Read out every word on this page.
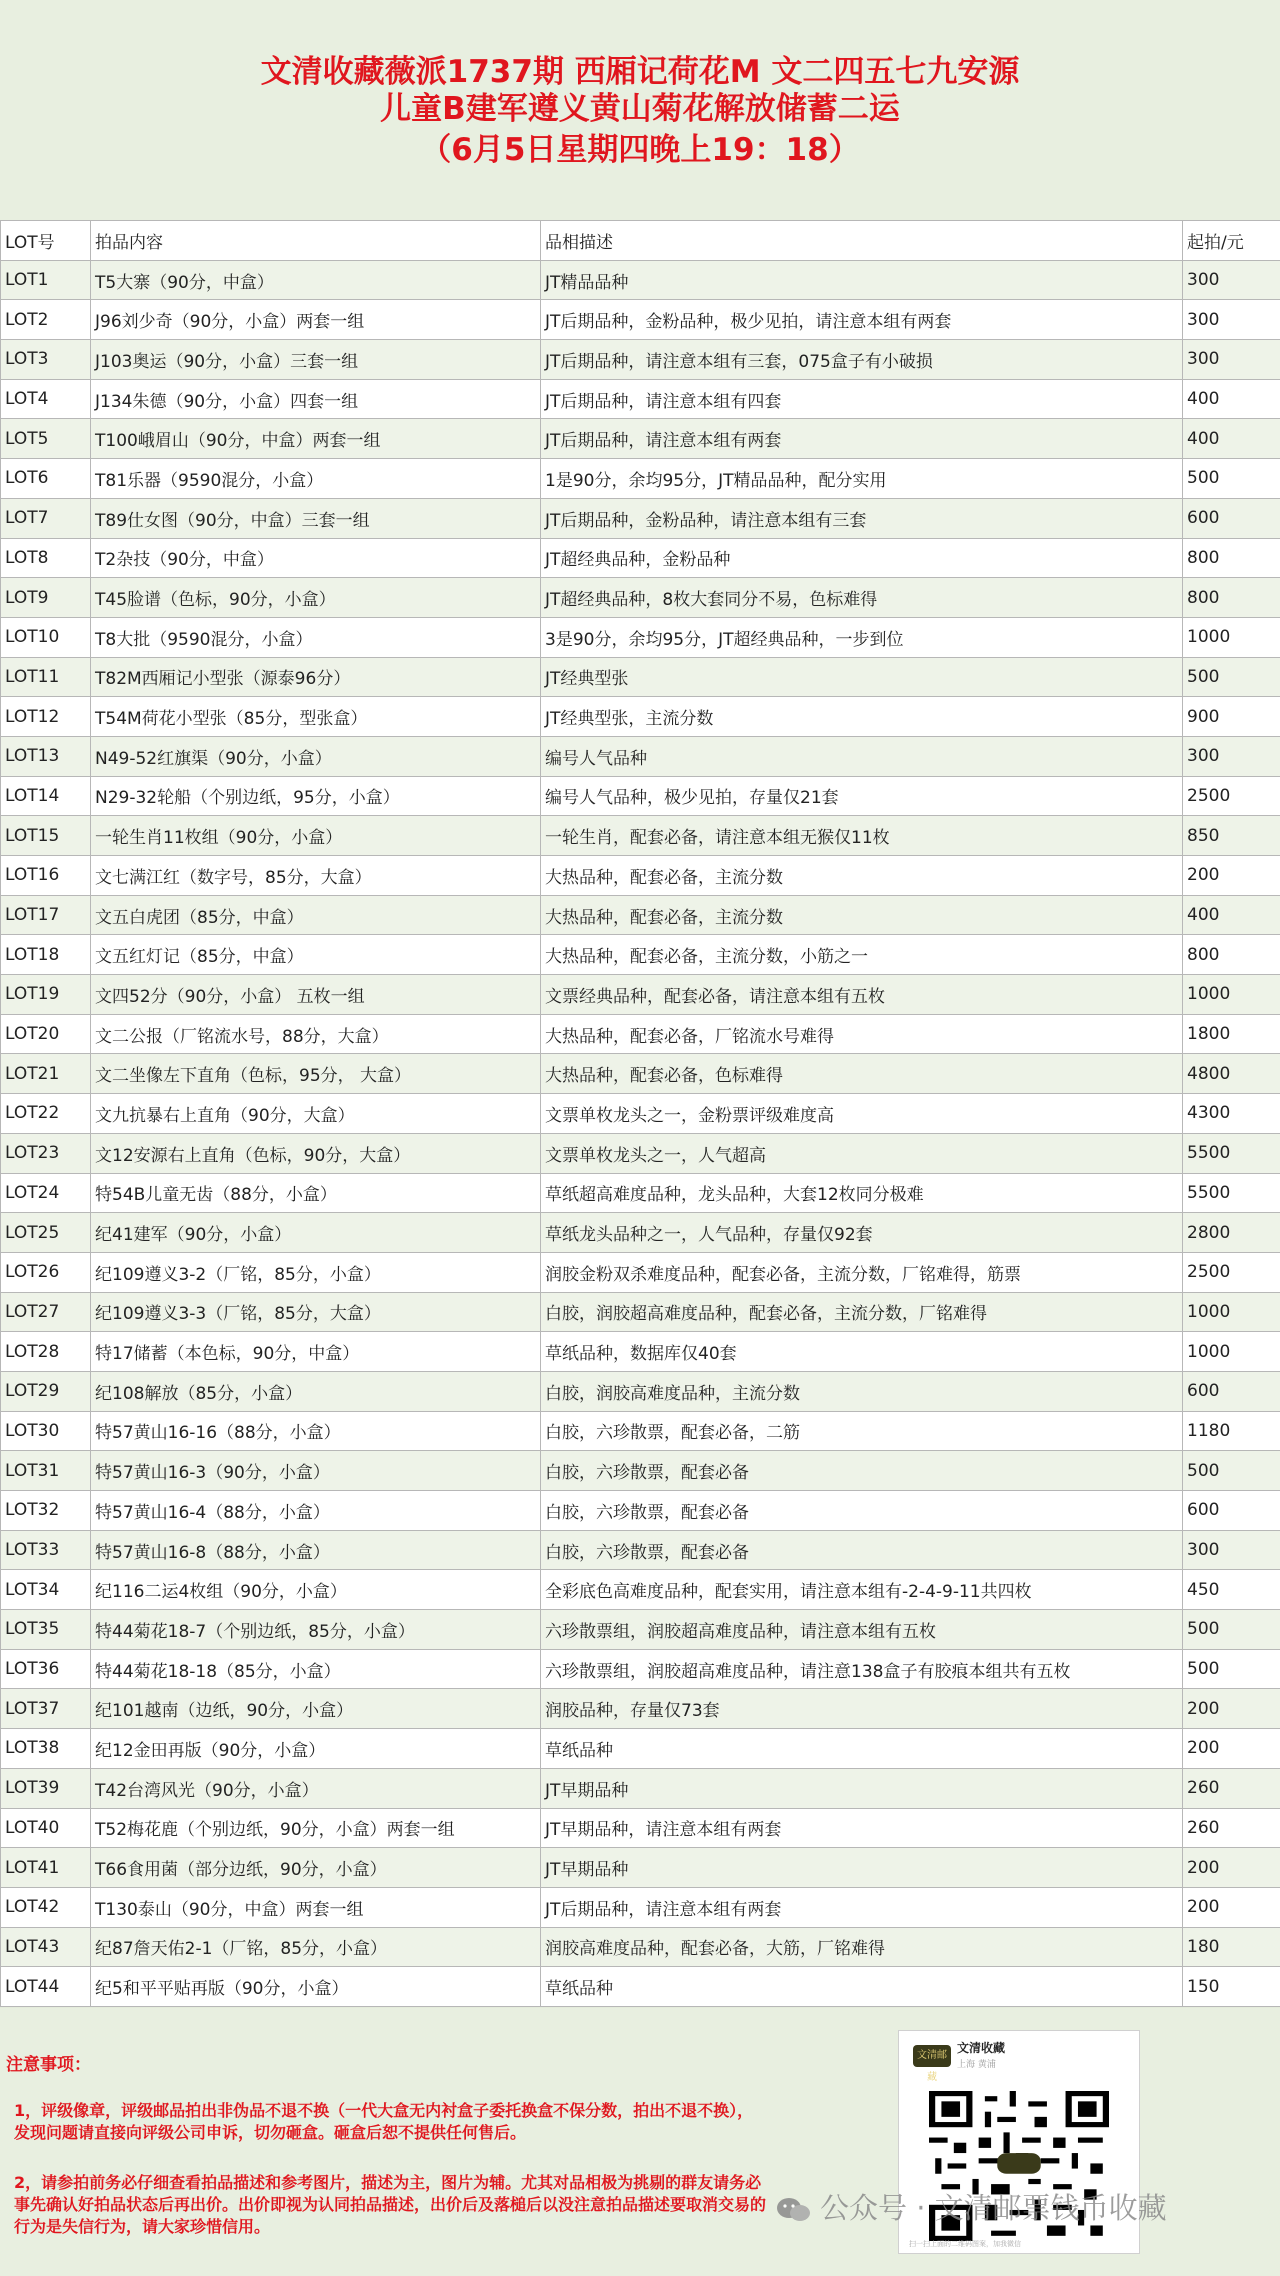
文清收藏薇派1737期 西厢记荷花M 文二四五七九安源
儿童B建军遵义黄山菊花解放储蓄二运
（6月5日星期四晚上19：18）
LOT号	拍品内容	品相描述	起拍/元
LOT1	T5大寨（90分，中盒）	JT精品品种	300
LOT2	J96刘少奇（90分，小盒）两套一组	JT后期品种，金粉品种，极少见拍，请注意本组有两套	300
LOT3	J103奥运（90分，小盒）三套一组	JT后期品种，请注意本组有三套，075盒子有小破损	300
LOT4	J134朱德（90分，小盒）四套一组	JT后期品种，请注意本组有四套	400
LOT5	T100峨眉山（90分，中盒）两套一组	JT后期品种，请注意本组有两套	400
LOT6	T81乐器（9590混分，小盒）	1是90分，余均95分，JT精品品种，配分实用	500
LOT7	T89仕女图（90分，中盒）三套一组	JT后期品种，金粉品种，请注意本组有三套	600
LOT8	T2杂技（90分，中盒）	JT超经典品种，金粉品种	800
LOT9	T45脸谱（色标，90分，小盒）	JT超经典品种，8枚大套同分不易，色标难得	800
LOT10	T8大批（9590混分，小盒）	3是90分，余均95分，JT超经典品种，一步到位	1000
LOT11	T82M西厢记小型张（源泰96分）	JT经典型张	500
LOT12	T54M荷花小型张（85分，型张盒）	JT经典型张，主流分数	900
LOT13	N49-52红旗渠（90分，小盒）	编号人气品种	300
LOT14	N29-32轮船（个别边纸，95分，小盒）	编号人气品种，极少见拍，存量仅21套	2500
LOT15	一轮生肖11枚组（90分，小盒）	一轮生肖，配套必备，请注意本组无猴仅11枚	850
LOT16	文七满江红（数字号，85分，大盒）	大热品种，配套必备，主流分数	200
LOT17	文五白虎团（85分，中盒）	大热品种，配套必备，主流分数	400
LOT18	文五红灯记（85分，中盒）	大热品种，配套必备，主流分数，小筋之一	800
LOT19	文四52分（90分，小盒） 五枚一组	文票经典品种，配套必备，请注意本组有五枚	1000
LOT20	文二公报（厂铭流水号，88分，大盒）	大热品种，配套必备，厂铭流水号难得	1800
LOT21	文二坐像左下直角（色标，95分， 大盒）	大热品种，配套必备，色标难得	4800
LOT22	文九抗暴右上直角（90分，大盒）	文票单枚龙头之一，金粉票评级难度高	4300
LOT23	文12安源右上直角（色标，90分，大盒）	文票单枚龙头之一，人气超高	5500
LOT24	特54B儿童无齿（88分，小盒）	草纸超高难度品种，龙头品种，大套12枚同分极难	5500
LOT25	纪41建军（90分，小盒）	草纸龙头品种之一，人气品种，存量仅92套	2800
LOT26	纪109遵义3-2（厂铭，85分，小盒）	润胶金粉双杀难度品种，配套必备，主流分数，厂铭难得，筋票	2500
LOT27	纪109遵义3-3（厂铭，85分，大盒）	白胶，润胶超高难度品种，配套必备，主流分数，厂铭难得	1000
LOT28	特17储蓄（本色标，90分，中盒）	草纸品种，数据库仅40套	1000
LOT29	纪108解放（85分，小盒）	白胶，润胶高难度品种，主流分数	600
LOT30	特57黄山16-16（88分，小盒）	白胶，六珍散票，配套必备，二筋	1180
LOT31	特57黄山16-3（90分，小盒）	白胶，六珍散票，配套必备	500
LOT32	特57黄山16-4（88分，小盒）	白胶，六珍散票，配套必备	600
LOT33	特57黄山16-8（88分，小盒）	白胶，六珍散票，配套必备	300
LOT34	纪116二运4枚组（90分，小盒）	全彩底色高难度品种，配套实用，请注意本组有-2-4-9-11共四枚	450
LOT35	特44菊花18-7（个别边纸，85分，小盒）	六珍散票组，润胶超高难度品种，请注意本组有五枚	500
LOT36	特44菊花18-18（85分，小盒）	六珍散票组，润胶超高难度品种，请注意138盒子有胶痕本组共有五枚	500
LOT37	纪101越南（边纸，90分，小盒）	润胶品种，存量仅73套	200
LOT38	纪12金田再版（90分，小盒）	草纸品种	200
LOT39	T42台湾风光（90分，小盒）	JT早期品种	260
LOT40	T52梅花鹿（个别边纸，90分，小盒）两套一组	JT早期品种，请注意本组有两套	260
LOT41	T66食用菌（部分边纸，90分，小盒）	JT早期品种	200
LOT42	T130泰山（90分，中盒）两套一组	JT后期品种，请注意本组有两套	200
LOT43	纪87詹天佑2-1（厂铭，85分，小盒）	润胶高难度品种，配套必备，大筋，厂铭难得	180
LOT44	纪5和平平贴再版（90分，小盒）	草纸品种	150
注意事项：
1，评级像章，评级邮品拍出非伪品不退不换（一代大盒无内衬盒子委托换盒不保分数，拍出不退不换），发现问题请直接向评级公司申诉，切勿砸盒。砸盒后恕不提供任何售后。
2，请参拍前务必仔细查看拍品描述和参考图片，描述为主，图片为辅。尤其对品相极为挑剔的群友请务必事先确认好拍品状态后再出价。出价即视为认同拍品描述，出价后及落槌后以没注意拍品描述要取消交易的行为是失信行为，请大家珍惜信用。
文清邮藏
文清收藏
上海 黄浦
扫一扫上面的二维码图案，加我微信
公众号 · 文清邮票钱币收藏
